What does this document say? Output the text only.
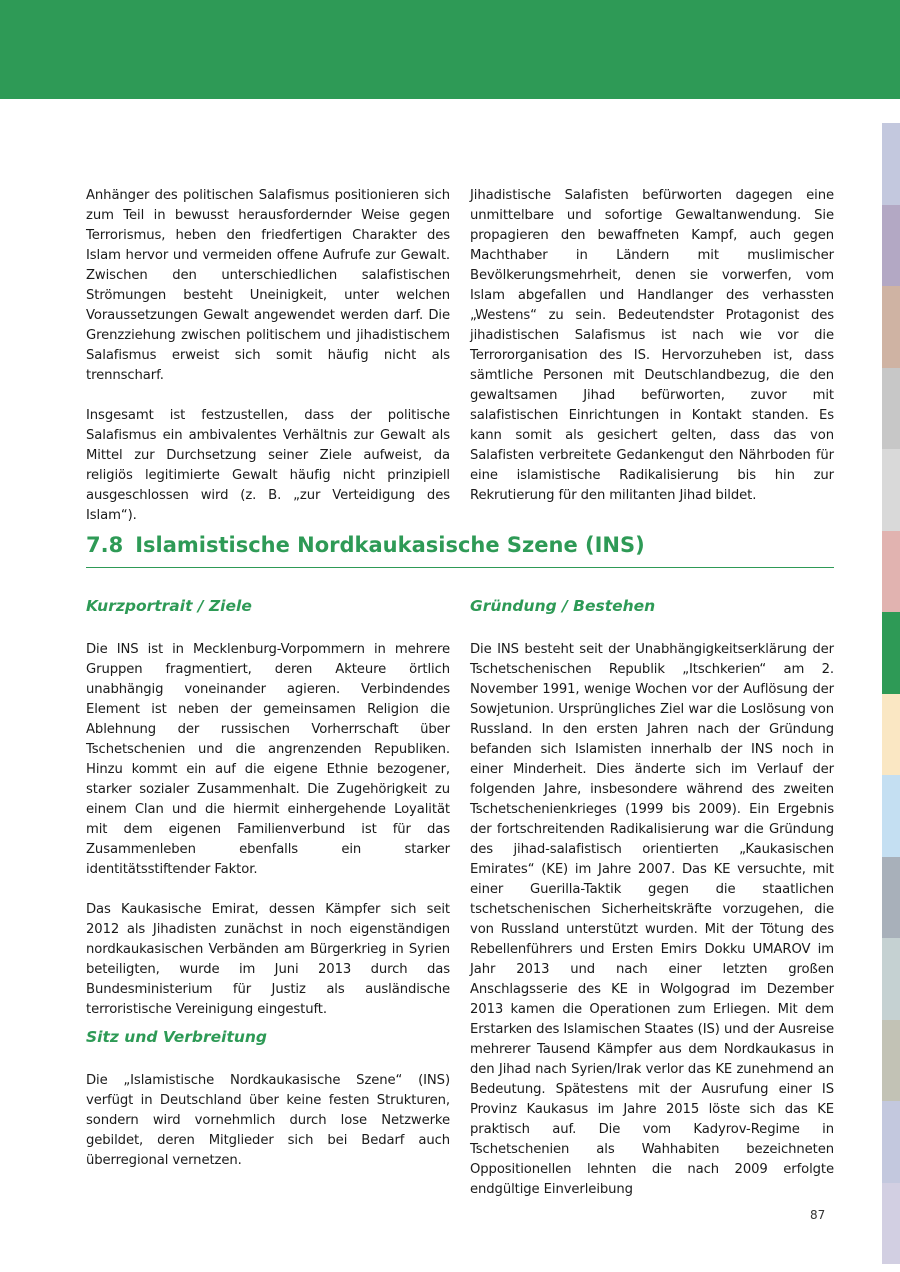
Anhänger des politischen Salafismus positionieren sich zum Teil in bewusst herausfordernder Weise gegen Terrorismus, heben den friedfertigen Charakter des Islam hervor und vermeiden offene Aufrufe zur Gewalt. Zwischen den unterschiedlichen salafistischen Strömungen besteht Uneinigkeit, unter welchen Voraussetzungen Gewalt angewendet werden darf. Die Grenzziehung zwischen politischem und jihadistischem Salafismus erweist sich somit häufig nicht als trennscharf.

Insgesamt ist festzustellen, dass der politische Salafismus ein ambivalentes Verhältnis zur Gewalt als Mittel zur Durchsetzung seiner Ziele aufweist, da religiös legitimierte Gewalt häufig nicht prinzipiell ausgeschlossen wird (z. B. „zur Verteidigung des Islam“).

Jihadistische Salafisten befürworten dagegen eine unmittelbare und sofortige Gewaltanwendung. Sie propagieren den bewaffneten Kampf, auch gegen Machthaber in Ländern mit muslimischer Bevölkerungsmehrheit, denen sie vorwerfen, vom Islam abgefallen und Handlanger des verhassten „Westens“ zu sein. Bedeutendster Protagonist des jihadistischen Salafismus ist nach wie vor die Terrororganisation des IS. Hervorzuheben ist, dass sämtliche Personen mit Deutschlandbezug, die den gewaltsamen Jihad befürworten, zuvor mit salafistischen Einrichtungen in Kontakt standen. Es kann somit als gesichert gelten, dass das von Salafisten verbreitete Gedankengut den Nährboden für eine islamistische Radikalisierung bis hin zur Rekrutierung für den militanten Jihad bildet.

7.8 Islamistische Nordkaukasische Szene (INS)
Kurzportrait / Ziele

Die INS ist in Mecklenburg-Vorpommern in mehrere Gruppen fragmentiert, deren Akteure örtlich unabhängig voneinander agieren. Verbindendes Element ist neben der gemeinsamen Religion die Ablehnung der russischen Vorherrschaft über Tschetschenien und die angrenzenden Republiken. Hinzu kommt ein auf die eigene Ethnie bezogener, starker sozialer Zusammenhalt. Die Zugehörigkeit zu einem Clan und die hiermit einhergehende Loyalität mit dem eigenen Familienverbund ist für das Zusammenleben ebenfalls ein starker identitätsstiftender Faktor.

Das Kaukasische Emirat, dessen Kämpfer sich seit 2012 als Jihadisten zunächst in noch eigenständigen nordkaukasischen Verbänden am Bürgerkrieg in Syrien beteiligten, wurde im Juni 2013 durch das Bundesministerium für Justiz als ausländische terroristische Vereinigung eingestuft.

Sitz und Verbreitung

Die „Islamistische Nordkaukasische Szene“ (INS) verfügt in Deutschland über keine festen Strukturen, sondern wird vornehmlich durch lose Netzwerke gebildet, deren Mitglieder sich bei Bedarf auch überregional vernetzen.

Gründung / Bestehen

Die INS besteht seit der Unabhängigkeitserklärung der Tschetschenischen Republik „Itschkerien“ am 2. November 1991, wenige Wochen vor der Auflösung der Sowjetunion. Ursprüngliches Ziel war die Loslösung von Russland. In den ersten Jahren nach der Gründung befanden sich Islamisten innerhalb der INS noch in einer Minderheit. Dies änderte sich im Verlauf der folgenden Jahre, insbesondere während des zweiten Tschetschenienkrieges (1999 bis 2009). Ein Ergebnis der fortschreitenden Radikalisierung war die Gründung des jihad-salafistisch orientierten „Kaukasischen Emirates“ (KE) im Jahre 2007. Das KE versuchte, mit einer Guerilla-Taktik gegen die staatlichen tschetschenischen Sicherheitskräfte vorzugehen, die von Russland unterstützt wurden. Mit der Tötung des Rebellenführers und Ersten Emirs Dokku UMAROV im Jahr 2013 und nach einer letzten großen Anschlagsserie des KE in Wolgograd im Dezember 2013 kamen die Operationen zum Erliegen. Mit dem Erstarken des Islamischen Staates (IS) und der Ausreise mehrerer Tausend Kämpfer aus dem Nordkaukasus in den Jihad nach Syrien/Irak verlor das KE zunehmend an Bedeutung. Spätestens mit der Ausrufung einer IS Provinz Kaukasus im Jahre 2015 löste sich das KE praktisch auf. Die vom Kadyrov-Regime in Tschetschenien als Wahhabiten bezeichneten Oppositionellen lehnten die nach 2009 erfolgte endgültige Einverleibung

87
